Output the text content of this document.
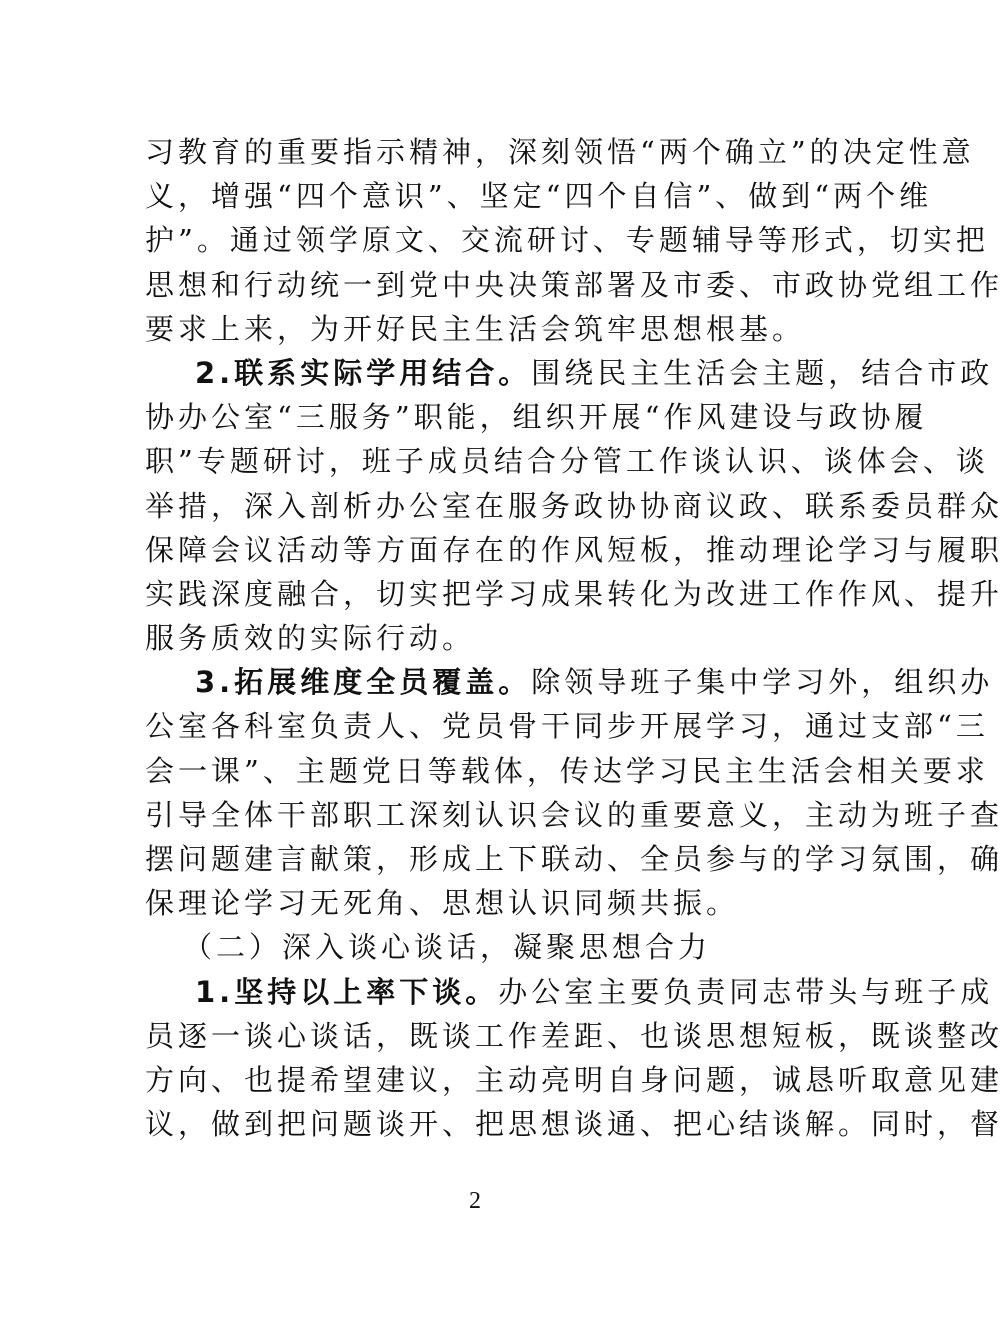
习教育的重要指示精神，深刻领悟“两个确立”的决定性意
义，增强“四个意识”、坚定“四个自信”、做到“两个维
护”。通过领学原文、交流研讨、专题辅导等形式，切实把
思想和行动统一到党中央决策部署及市委、市政协党组工作
要求上来，为开好民主生活会筑牢思想根基。
2.联系实际学用结合。围绕民主生活会主题，结合市政
协办公室“三服务”职能，组织开展“作风建设与政协履
职”专题研讨，班子成员结合分管工作谈认识、谈体会、谈
举措，深入剖析办公室在服务政协协商议政、联系委员群众
保障会议活动等方面存在的作风短板，推动理论学习与履职
实践深度融合，切实把学习成果转化为改进工作作风、提升
服务质效的实际行动。
3.拓展维度全员覆盖。除领导班子集中学习外，组织办
公室各科室负责人、党员骨干同步开展学习，通过支部“三
会一课”、主题党日等载体，传达学习民主生活会相关要求
引导全体干部职工深刻认识会议的重要意义，主动为班子查
摆问题建言献策，形成上下联动、全员参与的学习氛围，确
保理论学习无死角、思想认识同频共振。
（二）深入谈心谈话，凝聚思想合力
1.坚持以上率下谈。办公室主要负责同志带头与班子成
员逐一谈心谈话，既谈工作差距、也谈思想短板，既谈整改
方向、也提希望建议，主动亮明自身问题，诚恳听取意见建
议，做到把问题谈开、把思想谈通、把心结谈解。同时，督
2
